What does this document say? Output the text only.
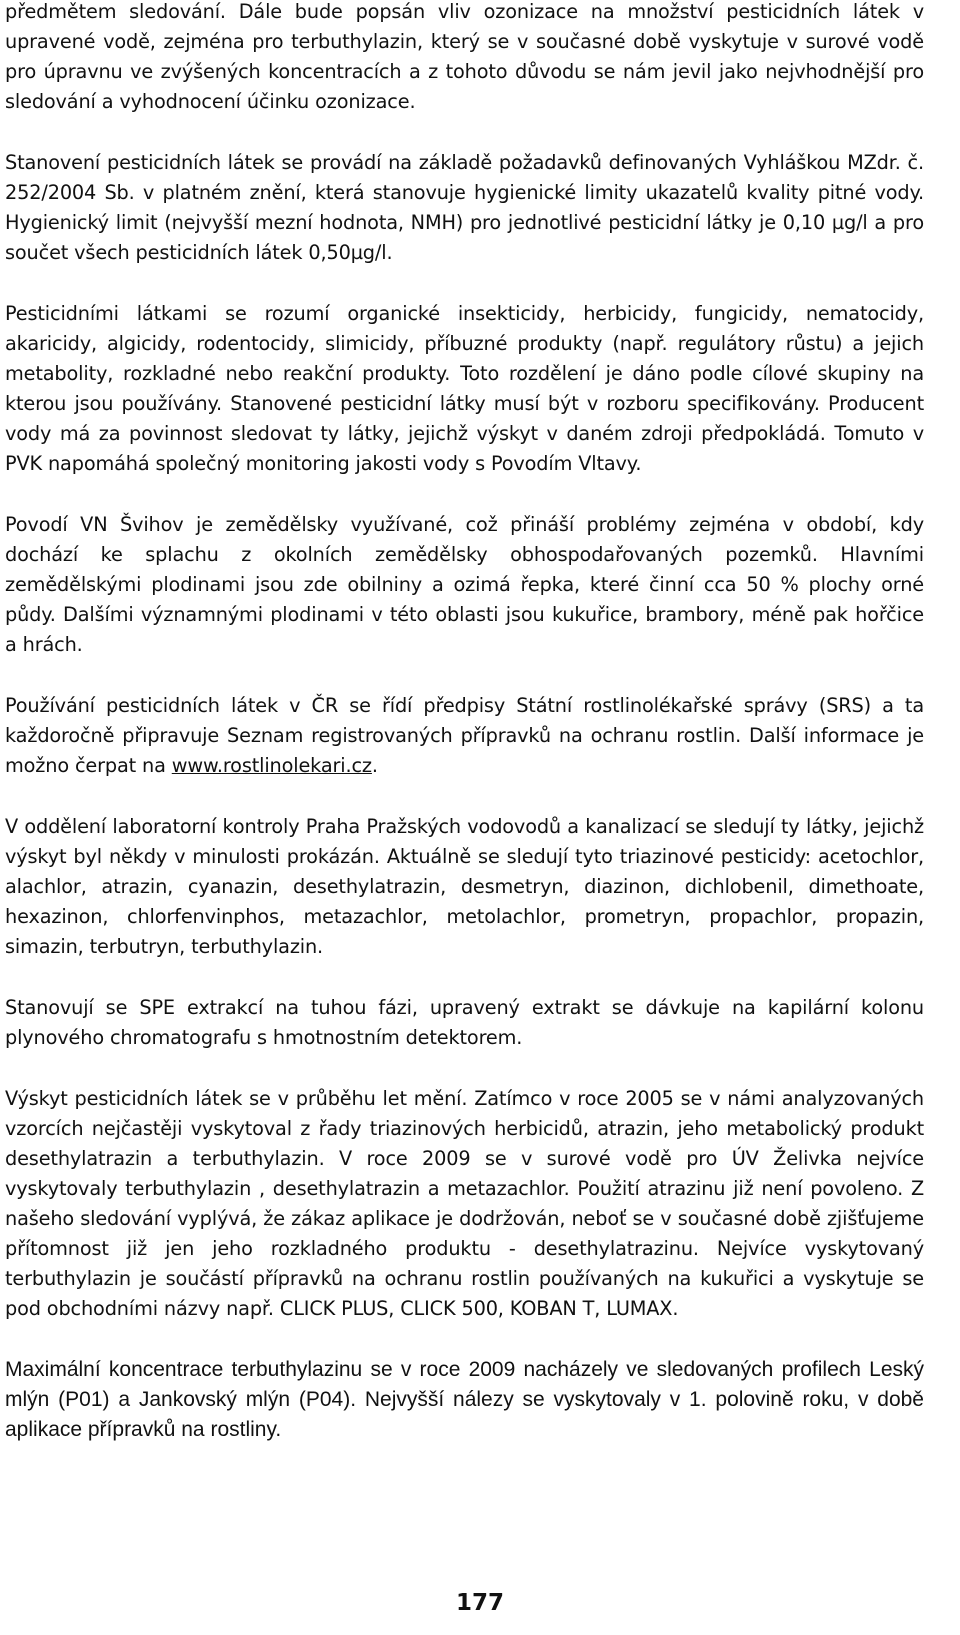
předmětem sledování. Dále bude popsán vliv ozonizace na množství pesticidních látek v upravené vodě, zejména pro terbuthylazin, který se v současné době vyskytuje v surové vodě pro úpravnu ve zvýšených koncentracích a z tohoto důvodu se nám jevil jako nejvhodnější pro sledování a vyhodnocení účinku ozonizace.

Stanovení pesticidních látek se provádí na základě požadavků definovaných Vyhláškou MZdr. č. 252/2004 Sb. v platném znění, která stanovuje hygienické limity ukazatelů kvality pitné vody. Hygienický limit (nejvyšší mezní hodnota, NMH) pro jednotlivé pesticidní látky je 0,10 µg/l a pro součet všech pesticidních látek 0,50µg/l.

Pesticidními látkami se rozumí organické insekticidy, herbicidy, fungicidy, nematocidy, akaricidy, algicidy, rodentocidy, slimicidy, příbuzné produkty (např. regulátory růstu) a jejich metabolity, rozkladné nebo reakční produkty. Toto rozdělení je dáno podle cílové skupiny na kterou jsou používány. Stanovené pesticidní látky musí být v rozboru specifikovány. Producent vody má za povinnost sledovat ty látky, jejichž výskyt v daném zdroji předpokládá. Tomuto v PVK napomáhá společný monitoring jakosti vody s Povodím Vltavy.

Povodí VN Švihov je zemědělsky využívané, což přináší problémy zejména v období, kdy dochází ke splachu z okolních zemědělsky obhospodařovaných pozemků. Hlavními zemědělskými plodinami jsou zde obilniny a ozimá řepka, které činní cca 50 % plochy orné půdy. Dalšími významnými plodinami v této oblasti jsou kukuřice, brambory, méně pak hořčice a hrách.

Používání pesticidních látek v ČR se řídí předpisy Státní rostlinolékařské správy (SRS) a ta každoročně připravuje Seznam registrovaných přípravků na ochranu rostlin. Další informace je možno čerpat na www.rostlinolekari.cz.

V oddělení laboratorní kontroly Praha Pražských vodovodů a kanalizací se sledují ty látky, jejichž výskyt byl někdy v minulosti prokázán. Aktuálně se sledují tyto triazinové pesticidy: acetochlor, alachlor, atrazin, cyanazin, desethylatrazin, desmetryn, diazinon, dichlobenil, dimethoate, hexazinon, chlorfenvinphos, metazachlor, metolachlor, prometryn, propachlor, propazin, simazin, terbutryn, terbuthylazin.

Stanovují se SPE extrakcí na tuhou fázi, upravený extrakt se dávkuje na kapilární kolonu plynového chromatografu s hmotnostním detektorem.

Výskyt pesticidních látek se v průběhu let mění. Zatímco v roce 2005 se v námi analyzovaných vzorcích nejčastěji vyskytoval z řady triazinových herbicidů, atrazin, jeho metabolický produkt desethylatrazin a terbuthylazin. V roce 2009 se v surové vodě pro ÚV Želivka nejvíce vyskytovaly terbuthylazin , desethylatrazin a metazachlor. Použití atrazinu již není povoleno. Z našeho sledování vyplývá, že zákaz aplikace je dodržován, neboť se v současné době zjišťujeme přítomnost již jen jeho rozkladného produktu - desethylatrazinu. Nejvíce vyskytovaný terbuthylazin je součástí přípravků na ochranu rostlin používaných na kukuřici a vyskytuje se pod obchodními názvy např. CLICK PLUS, CLICK 500, KOBAN T, LUMAX.

Maximální koncentrace terbuthylazinu se v roce 2009 nacházely ve sledovaných profilech Leský mlýn (P01) a Jankovský mlýn (P04). Nejvyšší nálezy se vyskytovaly v 1. polovině roku, v době aplikace přípravků na rostliny.

177
